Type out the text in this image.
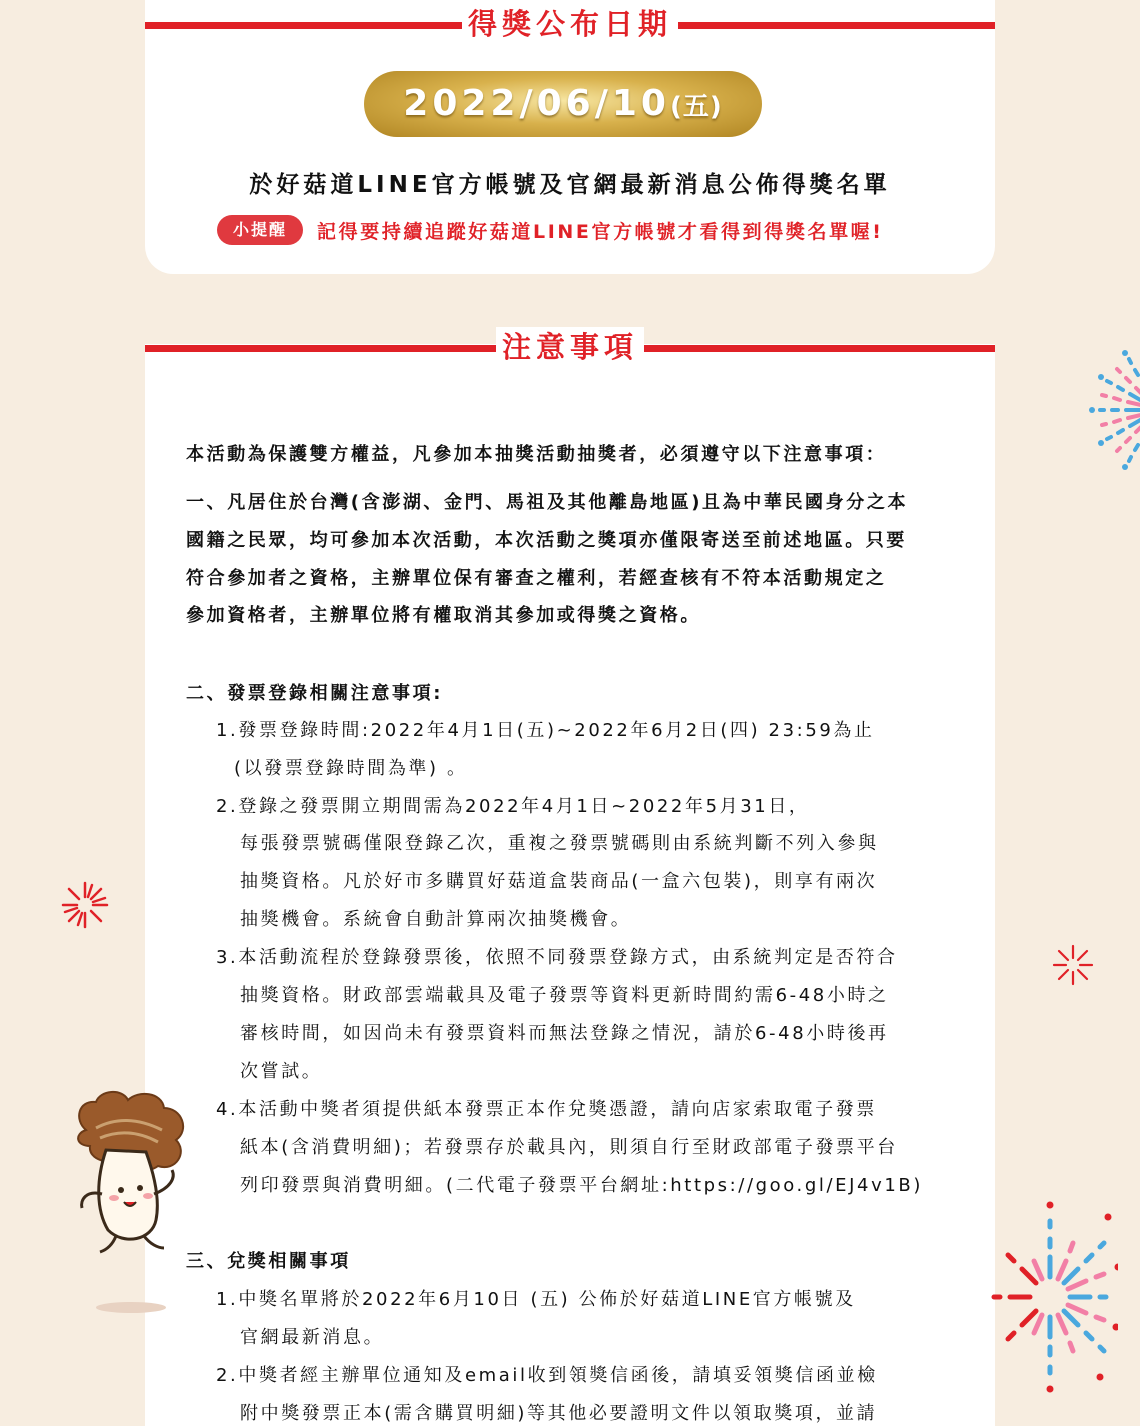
得獎公布日期
2022/06/10(五)
於好菇道LINE官方帳號及官網最新消息公佈得獎名單
小提醒	記得要持續追蹤好菇道LINE官方帳號才看得到得獎名單喔!
注意事項
本活動為保護雙方權益，凡參加本抽獎活動抽獎者，必須遵守以下注意事項：
一、凡居住於台灣(含澎湖、金門、馬祖及其他離島地區)且為中華民國身分之本
國籍之民眾，均可參加本次活動，本次活動之獎項亦僅限寄送至前述地區。只要
符合參加者之資格，主辦單位保有審查之權利，若經查核有不符本活動規定之
參加資格者，主辦單位將有權取消其參加或得獎之資格。
二、發票登錄相關注意事項:
1.發票登錄時間:2022年4月1日(五)~2022年6月2日(四) 23:59為止
(以發票登錄時間為準) 。
2.登錄之發票開立期間需為2022年4月1日~2022年5月31日，
每張發票號碼僅限登錄乙次，重複之發票號碼則由系統判斷不列入參與
抽獎資格。凡於好市多購買好菇道盒裝商品(一盒六包裝)，則享有兩次
抽獎機會。系統會自動計算兩次抽獎機會。
3.本活動流程於登錄發票後，依照不同發票登錄方式，由系統判定是否符合
抽獎資格。財政部雲端載具及電子發票等資料更新時間約需6-48小時之
審核時間，如因尚未有發票資料而無法登錄之情況，請於6-48小時後再
次嘗試。
4.本活動中獎者須提供紙本發票正本作兌獎憑證，請向店家索取電子發票
紙本(含消費明細)；若發票存於載具內，則須自行至財政部電子發票平台
列印發票與消費明細。(二代電子發票平台網址:https://goo.gl/EJ4v1B)
三、兌獎相關事項
1.中獎名單將於2022年6月10日 (五) 公佈於好菇道LINE官方帳號及
官網最新消息。
2.中獎者經主辦單位通知及email收到領獎信函後，請填妥領獎信函並檢
附中獎發票正本(需含購買明細)等其他必要證明文件以領取獎項，並請
